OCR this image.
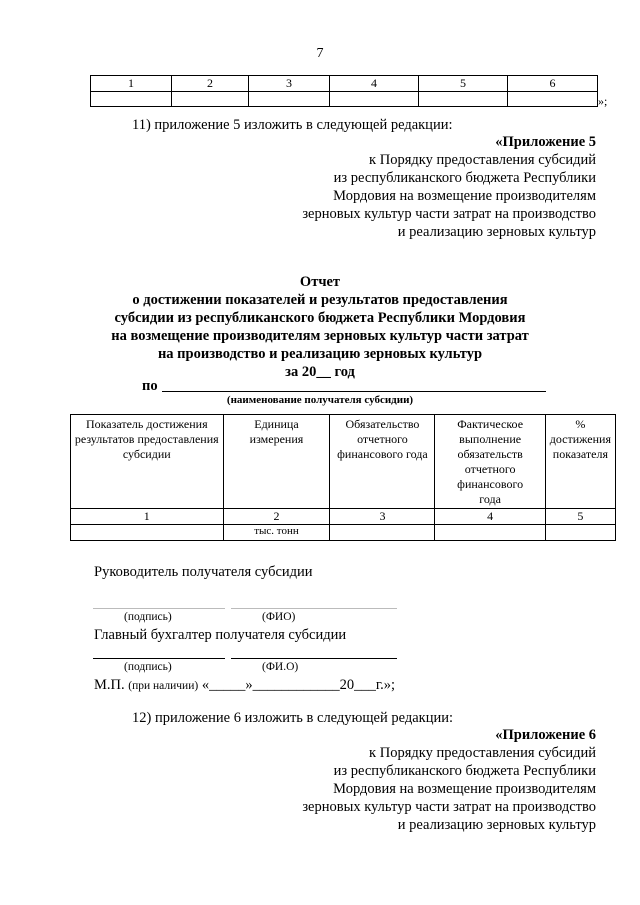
7
1	2	3	4	5	6

»;
11) приложение 5 изложить в следующей редакции:
«Приложение 5
к Порядку предоставления субсидий
из республиканского бюджета Республики
Мордовия на возмещение производителям
зерновых культур части затрат на производство
и реализацию зерновых культур
Отчет
о достижении показателей и результатов предоставления
субсидии из республиканского бюджета Республики Мордовия
на возмещение производителям зерновых культур части затрат
на производство и реализацию зерновых культур
за 20__ год
по
(наименование получателя субсидии)
Показатель достижения результатов предоставления субсидии	Единица измерения	Обязательство отчетного финансового года	Фактическое выполнение обязательств отчетного финансового года	% достижения показателя
1	2	3	4	5
	тыс. тонн			
Руководитель получателя субсидии
(подпись)	(ФИО)
Главный бухгалтер получателя субсидии
(подпись)	(ФИ.О)
М.П. (при наличии) «_____»____________20___г.»;
12) приложение 6 изложить в следующей редакции:
«Приложение 6
к Порядку предоставления субсидий
из республиканского бюджета Республики
Мордовия на возмещение производителям
зерновых культур части затрат на производство
и реализацию зерновых культур
